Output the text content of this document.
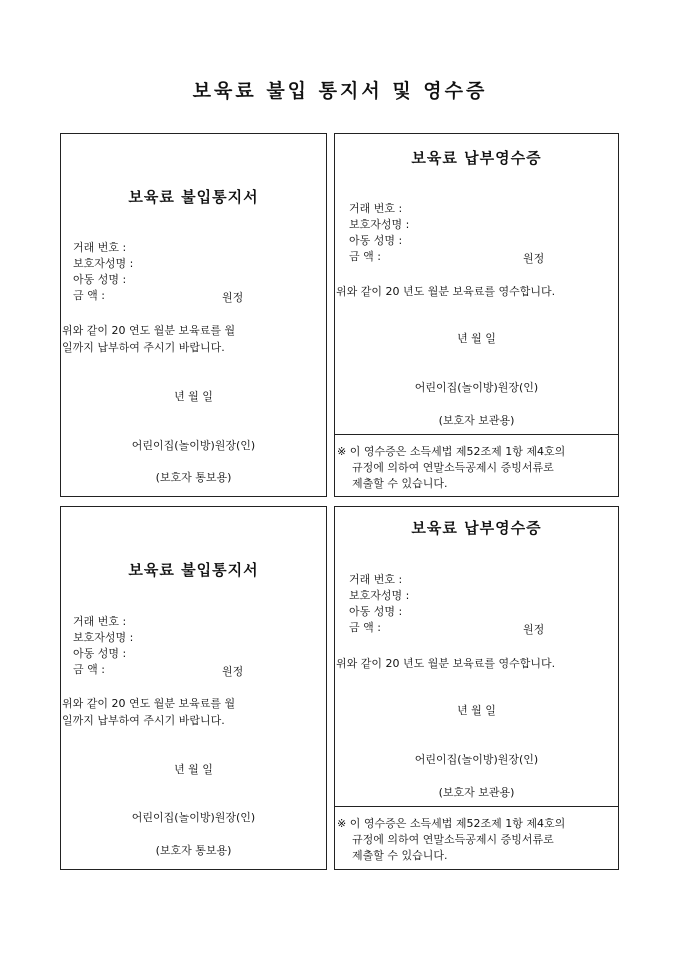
보육료 불입 통지서 및 영수증
보육료 불입통지서
거래 번호 :
보호자성명 :
아동 성명 :
금 액 :	원정
위와 같이 20 연도 월분 보육료를 월
일까지 납부하여 주시기 바랍니다.
년 월 일
어린이집(놀이방)원장(인)
(보호자 통보용)
보육료 납부영수증
거래 번호 :
보호자성명 :
아동 성명 :
금 액 :	원정
위와 같이 20 년도 월분 보육료를 영수합니다.
년 월 일
어린이집(놀이방)원장(인)
(보호자 보관용)
※ 이 영수증은 소득세법 제52조제 1항 제4호의
규정에 의하여 연말소득공제시 증빙서류로
제출할 수 있습니다.
보육료 불입통지서
거래 번호 :
보호자성명 :
아동 성명 :
금 액 :	원정
위와 같이 20 연도 월분 보육료를 월
일까지 납부하여 주시기 바랍니다.
년 월 일
어린이집(놀이방)원장(인)
(보호자 통보용)
보육료 납부영수증
거래 번호 :
보호자성명 :
아동 성명 :
금 액 :	원정
위와 같이 20 년도 월분 보육료를 영수합니다.
년 월 일
어린이집(놀이방)원장(인)
(보호자 보관용)
※ 이 영수증은 소득세법 제52조제 1항 제4호의
규정에 의하여 연말소득공제시 증빙서류로
제출할 수 있습니다.
